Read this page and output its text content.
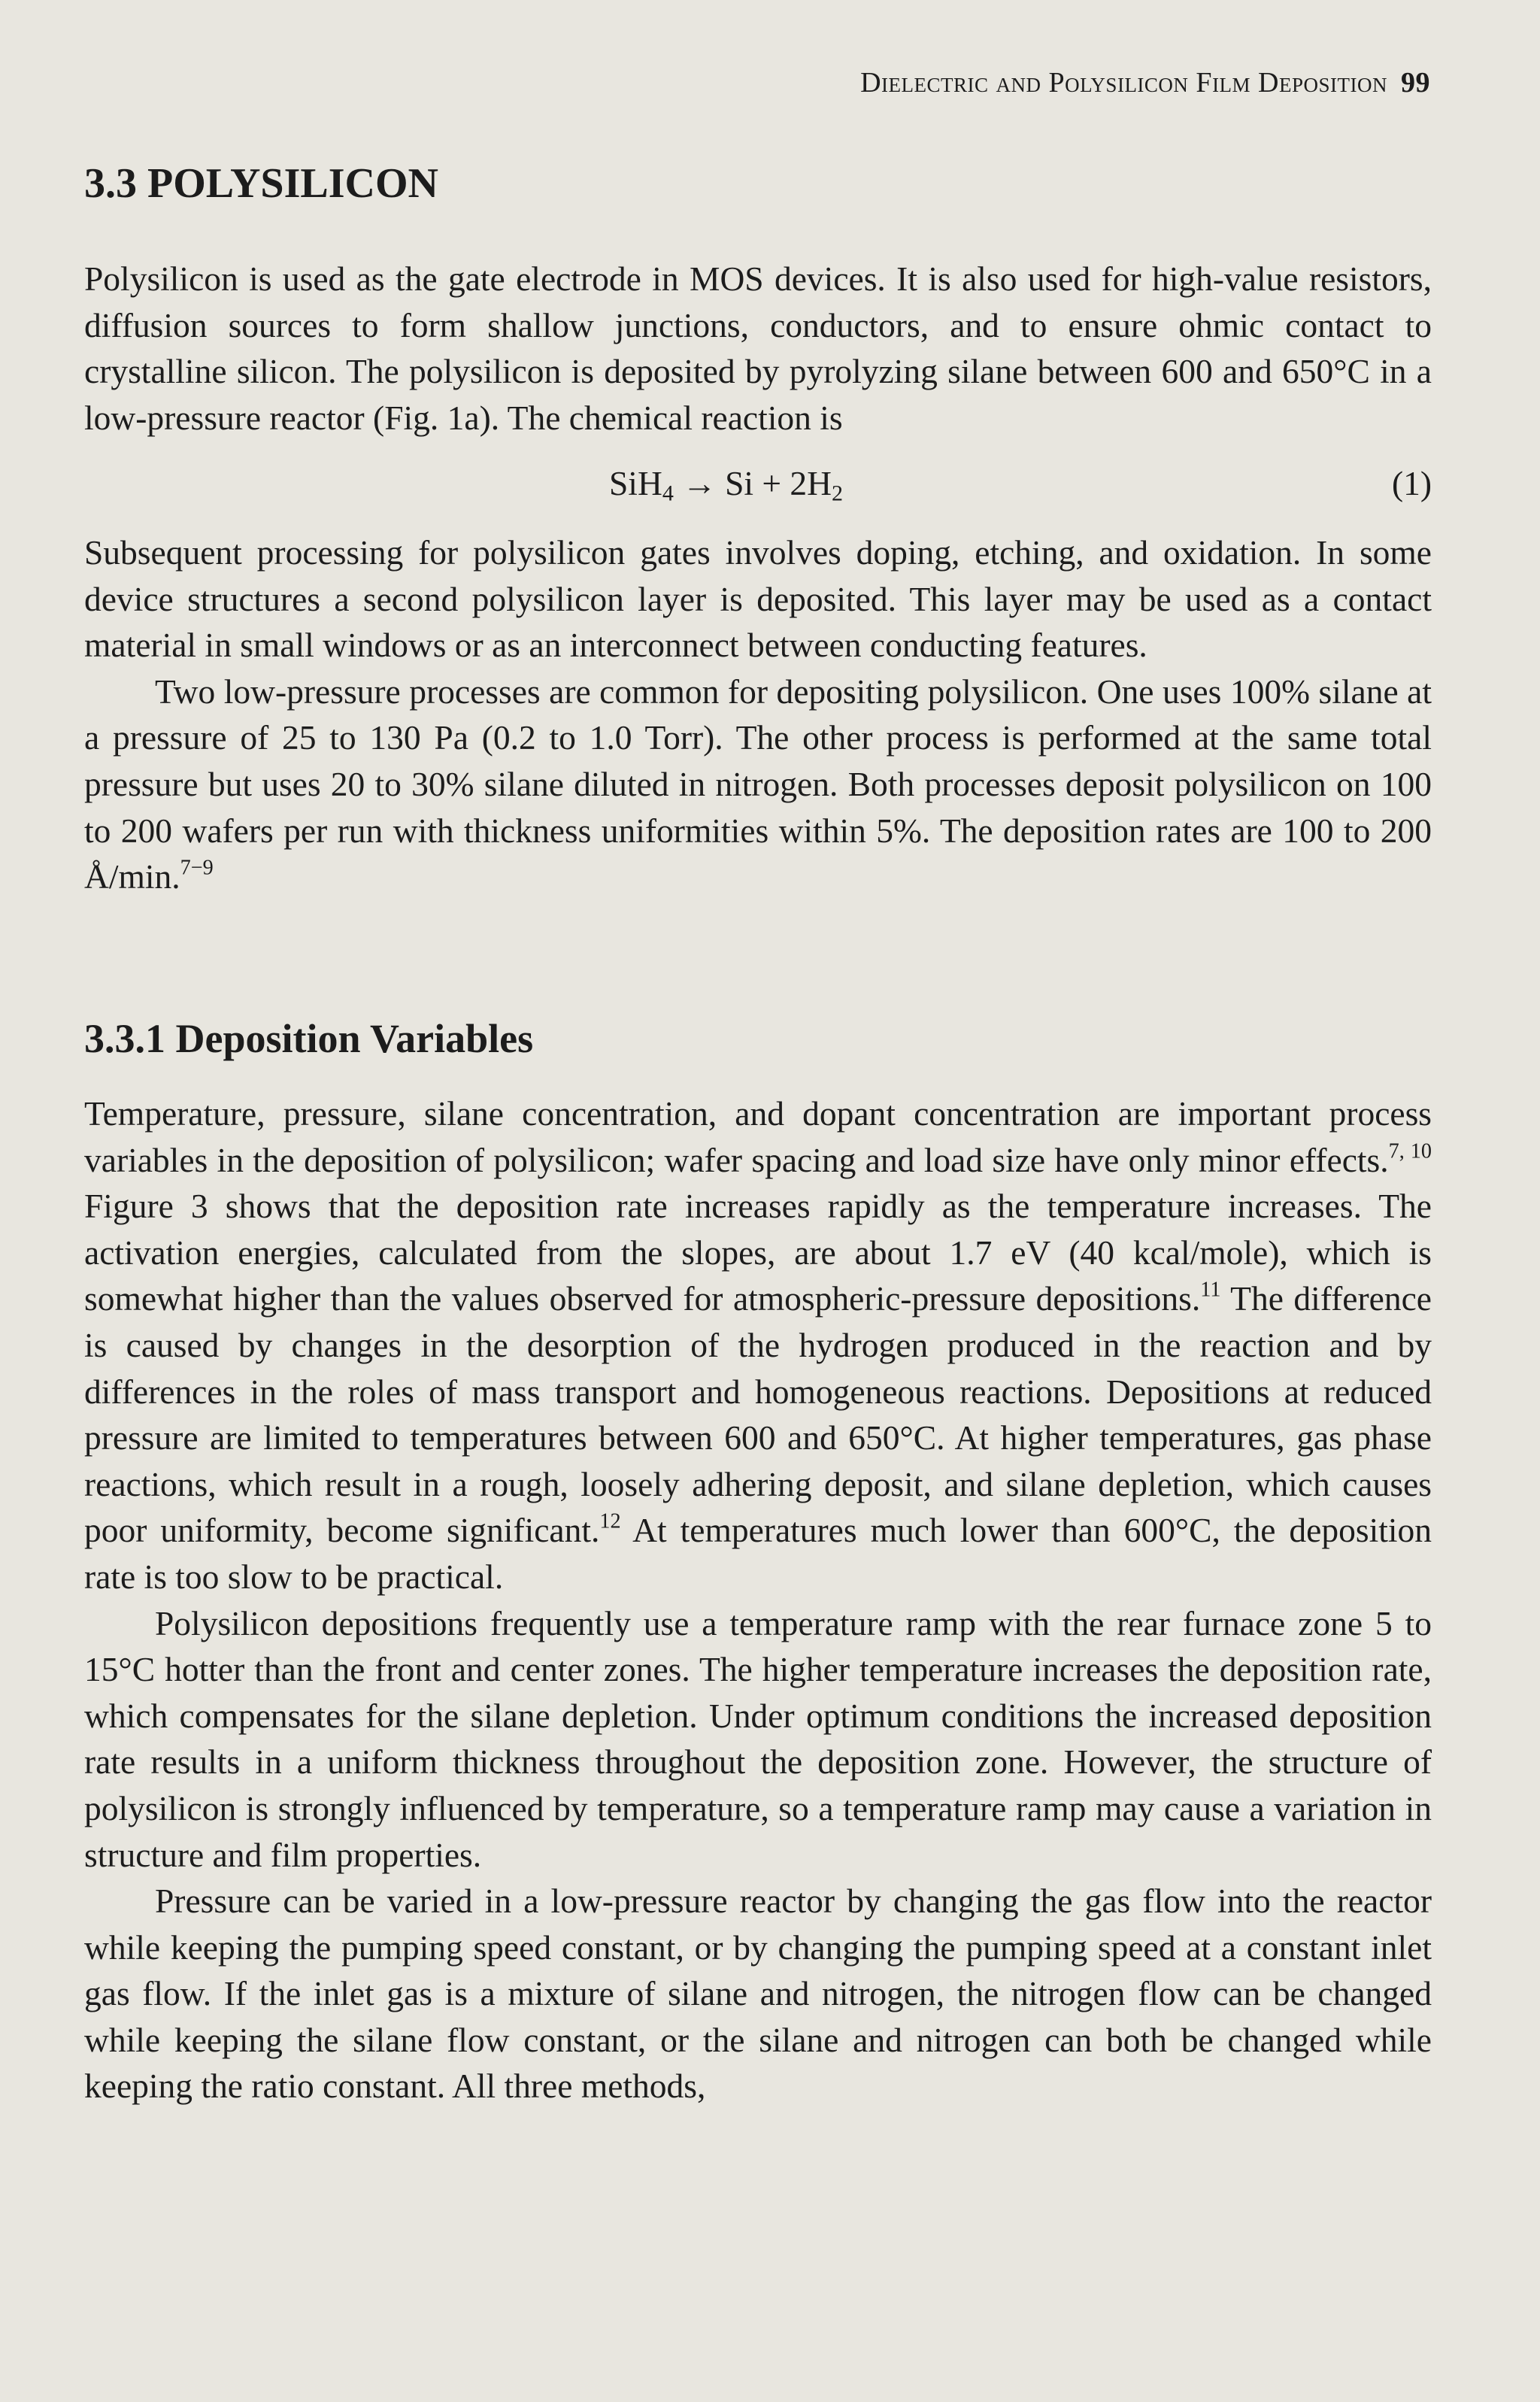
Dielectric and Polysilicon Film Deposition 99
3.3 POLYSILICON

Polysilicon is used as the gate electrode in MOS devices. It is also used for high-value resistors, diffusion sources to form shallow junctions, conductors, and to ensure ohmic contact to crystalline silicon. The polysilicon is deposited by pyrolyzing silane between 600 and 650°C in a low-pressure reactor (Fig. 1a). The chemical reaction is

$SiH_4 \to Si + 2H_2$	(1)

Subsequent processing for polysilicon gates involves doping, etching, and oxidation. In some device structures a second polysilicon layer is deposited. This layer may be used as a contact material in small windows or as an interconnect between conducting features.

Two low-pressure processes are common for depositing polysilicon. One uses 100% silane at a pressure of 25 to 130 Pa (0.2 to 1.0 Torr). The other process is performed at the same total pressure but uses 20 to 30% silane diluted in nitrogen. Both processes deposit polysilicon on 100 to 200 wafers per run with thickness uniformities within 5%. The deposition rates are 100 to 200 Å/min.$^{7-9}$

3.3.1 Deposition Variables

Temperature, pressure, silane concentration, and dopant concentration are important process variables in the deposition of polysilicon; wafer spacing and load size have only minor effects.$^{7, 10}$ Figure 3 shows that the deposition rate increases rapidly as the temperature increases. The activation energies, calculated from the slopes, are about 1.7 eV (40 kcal/mole), which is somewhat higher than the values observed for atmospheric-pressure depositions.$^{11}$ The difference is caused by changes in the desorption of the hydrogen produced in the reaction and by differences in the roles of mass transport and homogeneous reactions. Depositions at reduced pressure are limited to temperatures between 600 and 650°C. At higher temperatures, gas phase reactions, which result in a rough, loosely adhering deposit, and silane depletion, which causes poor uniformity, become significant.$^{12}$ At temperatures much lower than 600°C, the deposition rate is too slow to be practical.

Polysilicon depositions frequently use a temperature ramp with the rear furnace zone 5 to 15°C hotter than the front and center zones. The higher temperature increases the deposition rate, which compensates for the silane depletion. Under optimum conditions the increased deposition rate results in a uniform thickness throughout the deposition zone. However, the structure of polysilicon is strongly influenced by temperature, so a temperature ramp may cause a variation in structure and film properties.

Pressure can be varied in a low-pressure reactor by changing the gas flow into the reactor while keeping the pumping speed constant, or by changing the pumping speed at a constant inlet gas flow. If the inlet gas is a mixture of silane and nitrogen, the nitrogen flow can be changed while keeping the silane flow constant, or the silane and nitrogen can both be changed while keeping the ratio constant. All three methods,
